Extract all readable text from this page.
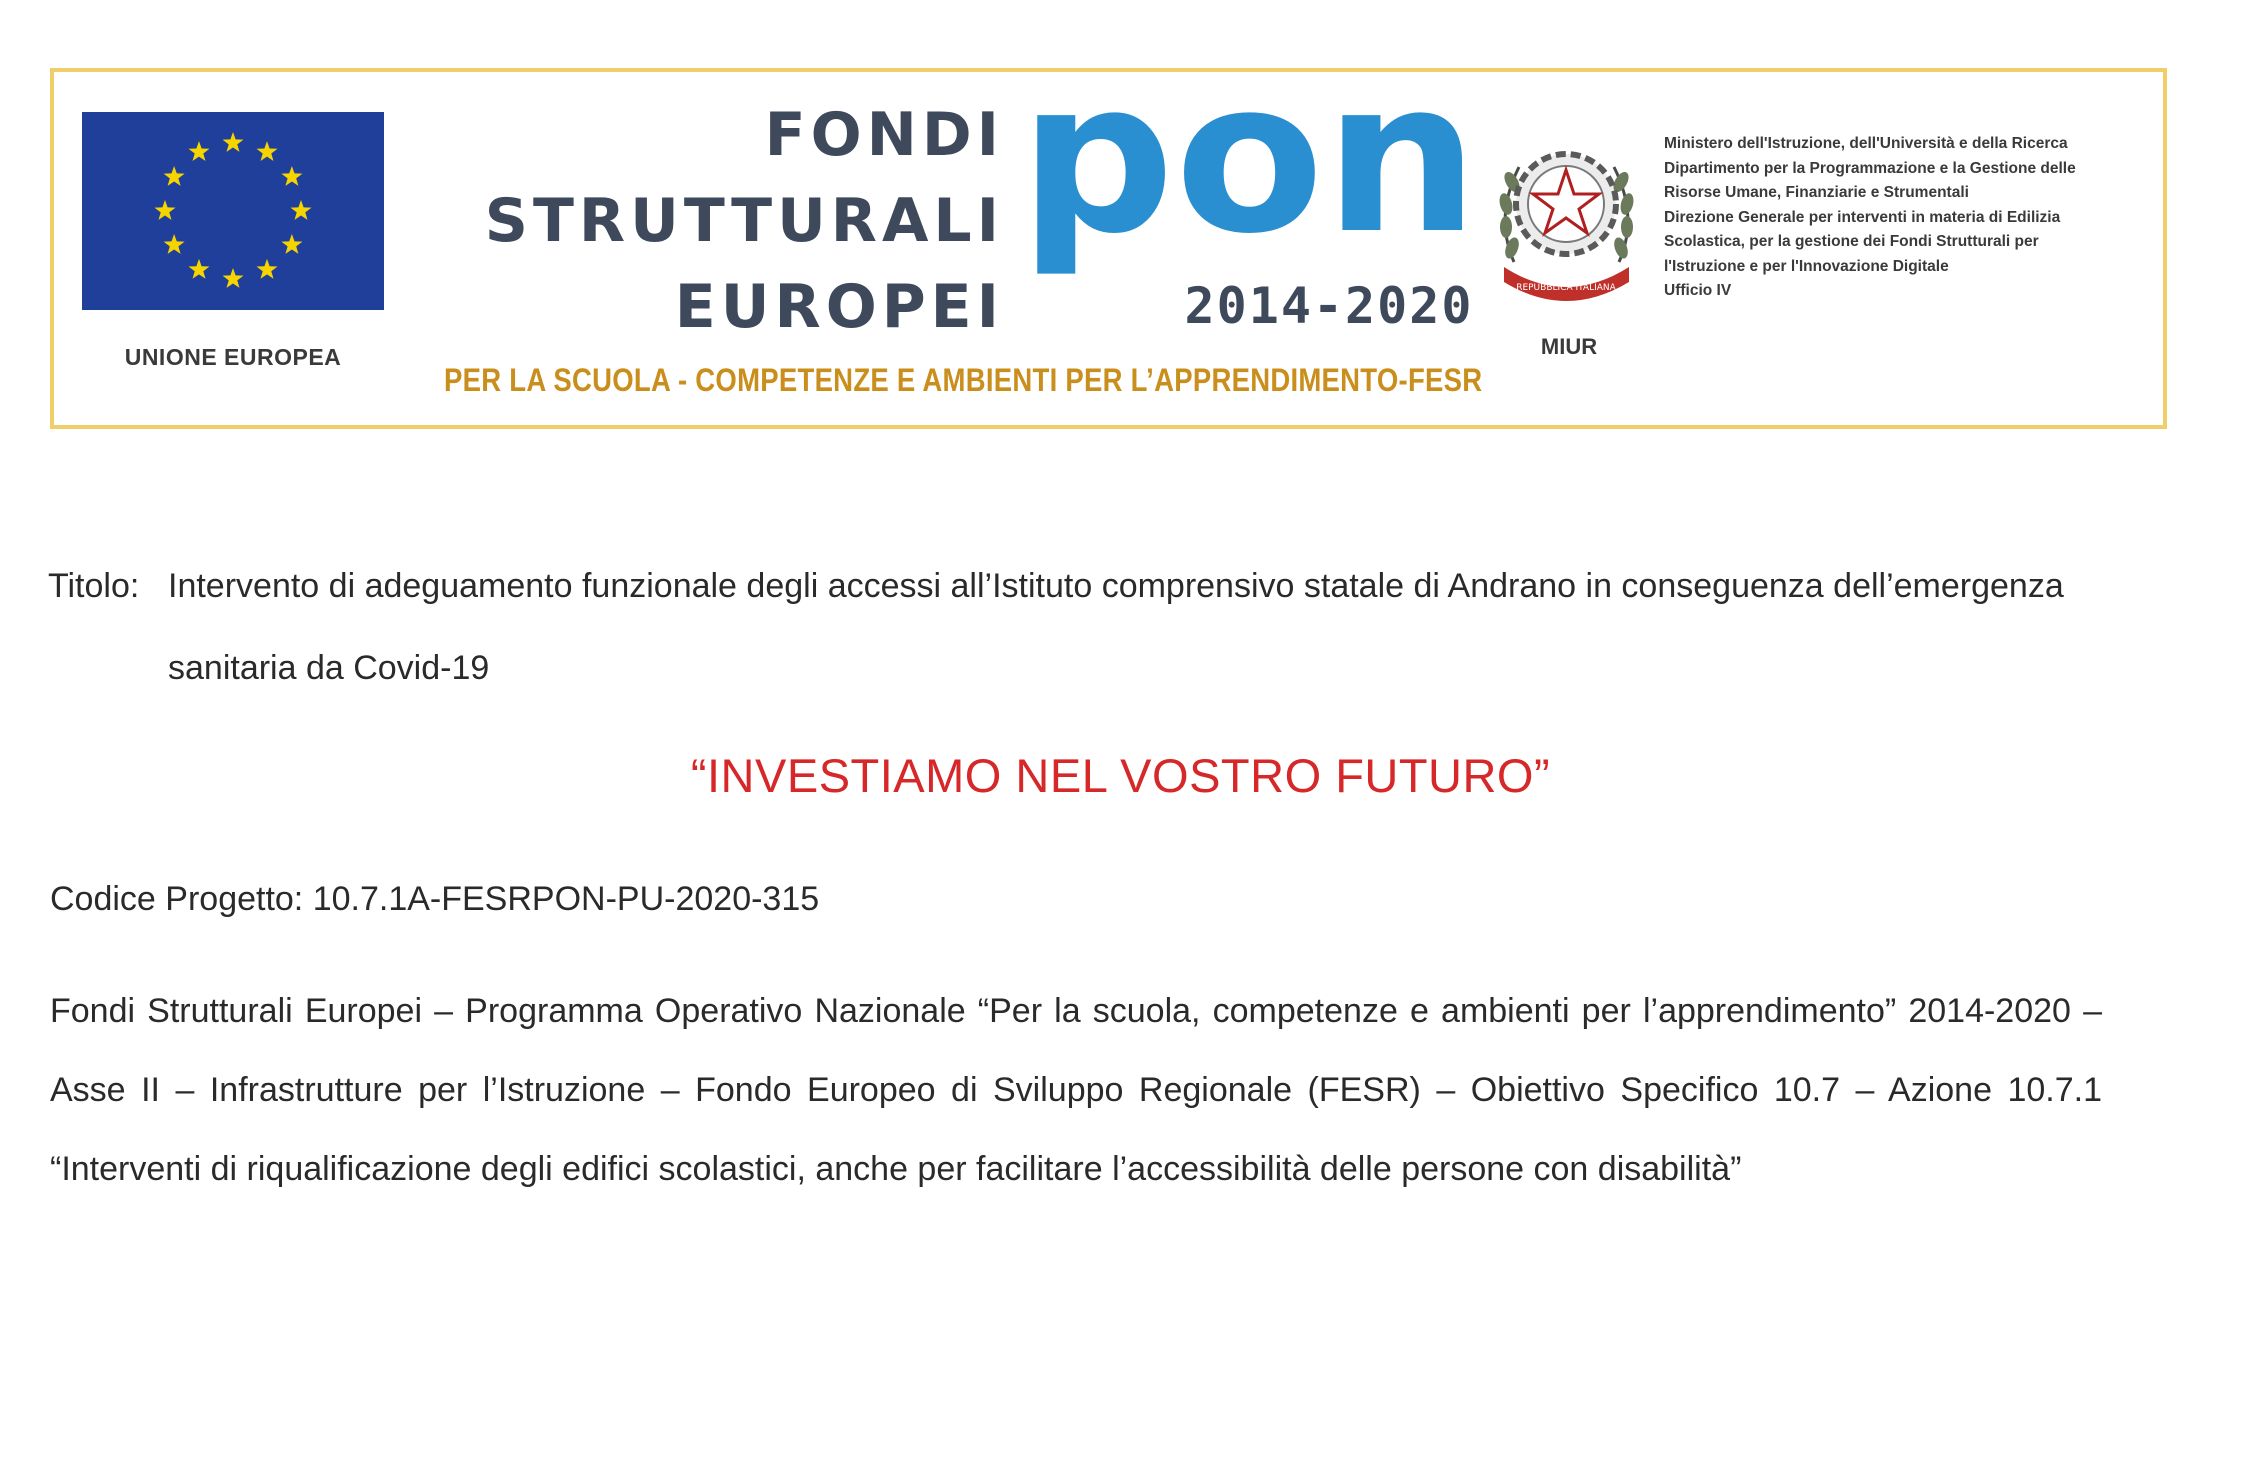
UNIONE EUROPEA
FONDI
STRUTTURALI
EUROPEI
pon
2014-2020
PER LA SCUOLA - COMPETENZE E AMBIENTI PER L’APPRENDIMENTO-FESR
REPUBBLICA ITALIANA
MIUR
Ministero dell'Istruzione, dell'Università e della Ricerca
Dipartimento per la Programmazione e la Gestione delle
Risorse Umane, Finanziarie e Strumentali
Direzione Generale per interventi in materia di Edilizia
Scolastica, per la gestione dei Fondi Strutturali per
l'Istruzione e per l'Innovazione Digitale
Ufficio IV
Titolo: Intervento di adeguamento funzionale degli accessi all’Istituto comprensivo statale di Andrano in conseguenza dell’emergenza sanitaria da Covid-19
“INVESTIAMO NEL VOSTRO FUTURO”
Codice Progetto: 10.7.1A-FESRPON-PU-2020-315
Fondi Strutturali Europei – Programma Operativo Nazionale “Per la scuola, competenze e ambienti per l’apprendimento” 2014-2020 – Asse II – Infrastrutture per l’Istruzione – Fondo Europeo di Sviluppo Regionale (FESR) – Obiettivo Specifico 10.7 – Azione 10.7.1 “Interventi di riqualificazione degli edifici scolastici, anche per facilitare l’accessibilità delle persone con disabilità”
